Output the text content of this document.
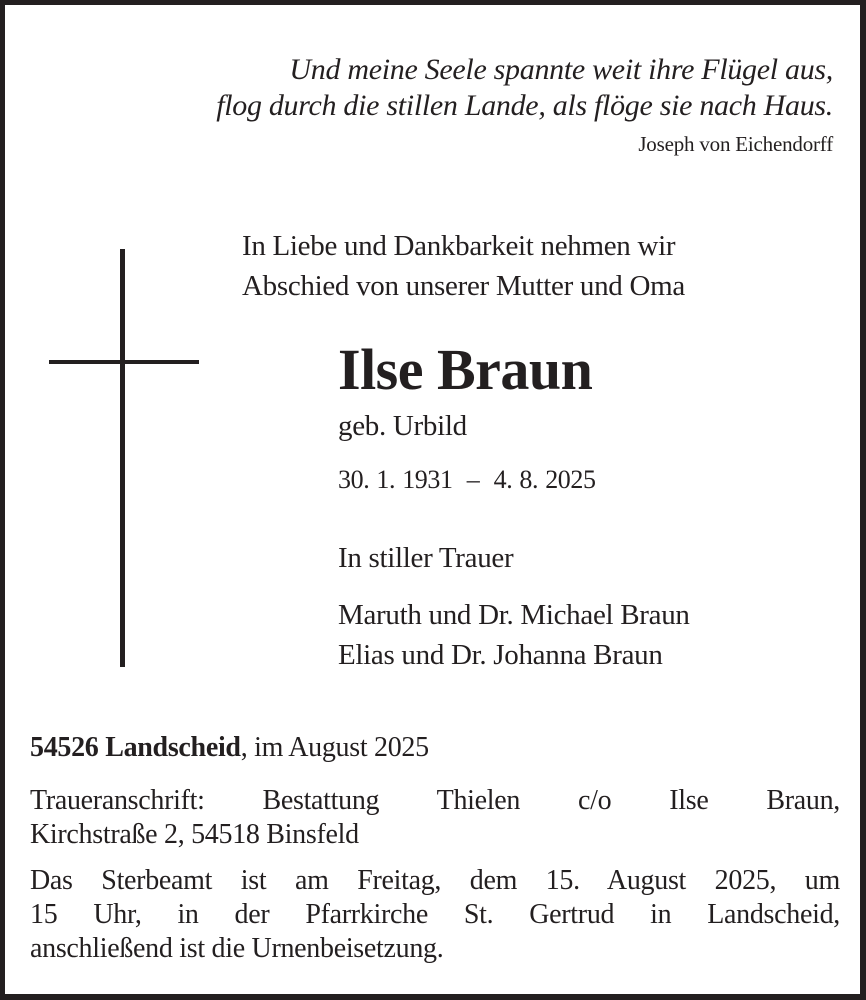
Und meine Seele spannte weit ihre Flügel aus,
flog durch die stillen Lande, als flöge sie nach Haus.
Joseph von Eichendorff
In Liebe und Dankbarkeit nehmen wir
Abschied von unserer Mutter und Oma
Ilse Braun
geb. Urbild
30. 1. 1931  –  4. 8. 2025
In stiller Trauer
Maruth und Dr. Michael Braun
Elias und Dr. Johanna Braun
54526 Landscheid, im August 2025
Traueranschrift: Bestattung Thielen c/o Ilse Braun,
Kirchstraße 2, 54518 Binsfeld
Das Sterbeamt ist am Freitag, dem 15. August 2025, um
15 Uhr, in der Pfarrkirche St. Gertrud in Landscheid,
anschließend ist die Urnenbeisetzung.
